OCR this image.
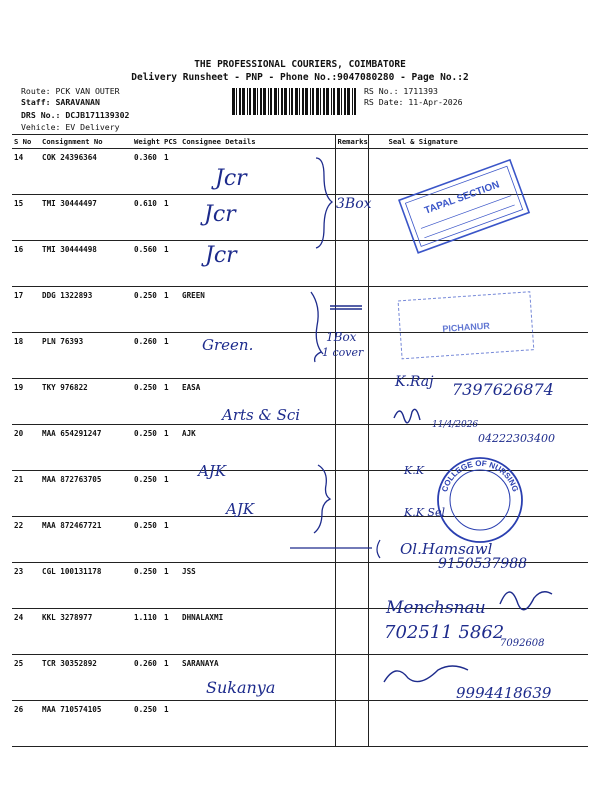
THE PROFESSIONAL COURIERS, COIMBATORE
Delivery Runsheet - PNP - Phone No.:9047080280 - Page No.:2
Route: PCK VAN OUTER
Staff: SARAVANAN
DRS No.: DCJB171139302
Vehicle: EV Delivery
RS No.: 1711393
RS Date: 11-Apr-2026
S No	Consignment No	Weight	PCS	Consignee Details	Remarks	Seal & Signature
14	COK 24396364	0.360	1			
15	TMI 30444497	0.610	1			
16	TMI 30444498	0.560	1			
17	DDG 1322893	0.250	1	GREEN		
18	PLN 76393	0.260	1			
19	TKY 976822	0.250	1	EASA		
20	MAA 654291247	0.250	1	AJK		
21	MAA 872763705	0.250	1			
22	MAA 872467721	0.250	1			
23	CGL 100131178	0.250	1	JSS		
24	KKL 3278977	1.110	1	DHNALAXMI		
25	TCR 30352892	0.260	1	SARANAYA		
26	MAA 710574105	0.250	1			
TAPAL SECTION
PICHANUR
COLLEGE OF NURSING
Jcr
Jcr
Jcr
3Box
Green.	1Box
1 cover
Arts & Sci
AJK
AJK
Sukanya
K.Raj 7397626874
11/4/2026
04222303400
K.K
K.K Sel
Ol.Hamsawl
9150537988
Menchsnau
702511 5862
7092608
9994418639
